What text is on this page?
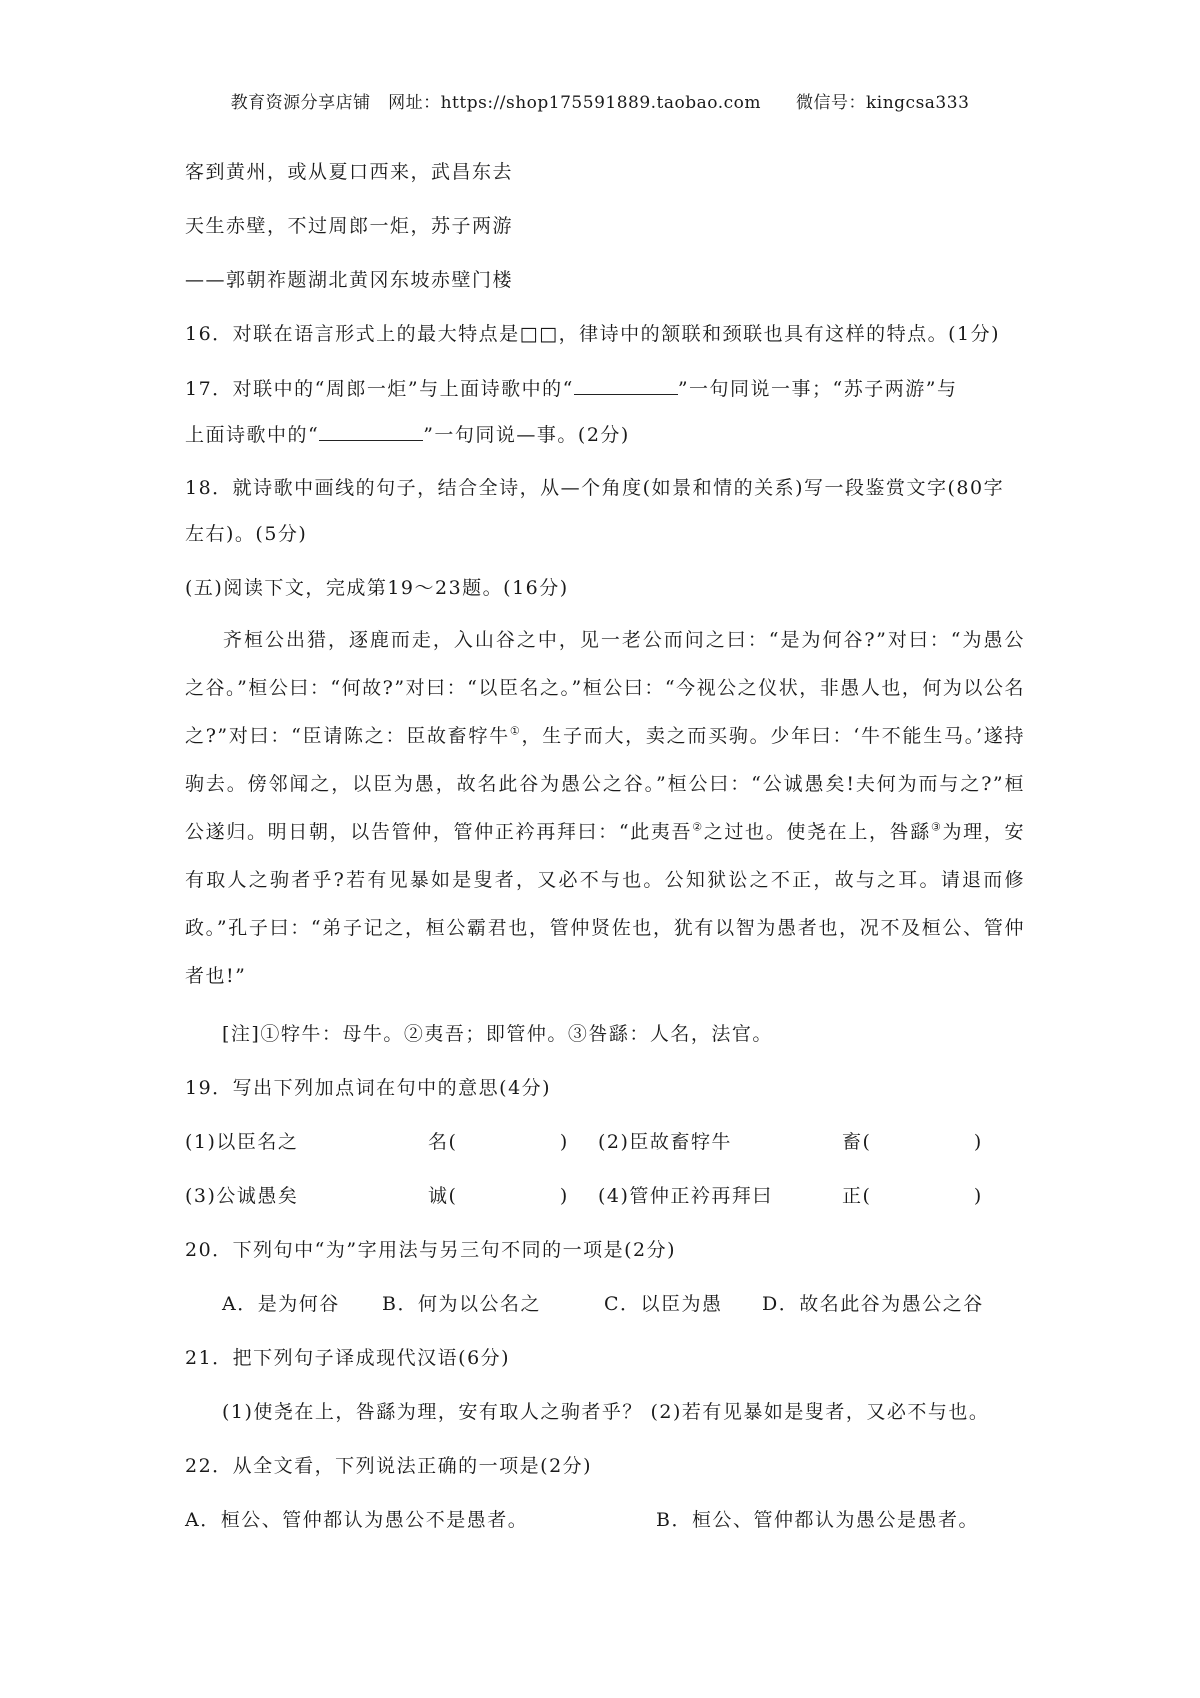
教育资源分享店铺　网址：https://shop175591889.taobao.com　　微信号：kingcsa333
客到黄州，或从夏口西来，武昌东去
天生赤壁，不过周郎一炬，苏子两游
——郭朝祚题湖北黄冈东坡赤壁门楼
16．对联在语言形式上的最大特点是□□，律诗中的颔联和颈联也具有这样的特点。(1分)
17．对联中的“周郎一炬”与上面诗歌中的“	”一句同说一事；“苏子两游”与
上面诗歌中的“	”一句同说—事。(2分)
18．就诗歌中画线的句子，结合全诗，从—个角度(如景和情的关系)写一段鉴赏文字(80字
左右)。(5分)
(五)阅读下文，完成第19～23题。(16分)
齐桓公出猎，逐鹿而走，入山谷之中，见一老公而问之曰：“是为何谷?”对曰：“为愚公之谷。”桓公曰：“何故?”对曰：“以臣名之。”桓公曰：“今视公之仪状，非愚人也，何为以公名之?”对曰：“臣请陈之：臣故畜牸牛①，生子而大，卖之而买驹。少年曰：‘牛不能生马。’遂持驹去。傍邻闻之，以臣为愚，故名此谷为愚公之谷。”桓公曰：“公诚愚矣!夫何为而与之?”桓公遂归。明日朝，以告管仲，管仲正衿再拜曰：“此夷吾②之过也。使尧在上，咎繇③为理，安有取人之驹者乎?若有见暴如是叟者，又必不与也。公知狱讼之不正，故与之耳。请退而修政。”孔子曰：“弟子记之，桓公霸君也，管仲贤佐也，犹有以智为愚者也，况不及桓公、管仲者也!”
[注]①牸牛：母牛。②夷吾；即管仲。③咎繇：人名，法官。
19．写出下列加点词在句中的意思(4分)
(1)以臣名之	名(　　　　　) (2)臣故畜牸牛	畜(　　　　　)
(3)公诚愚矣	诚(　　　　　) (4)管仲正衿再拜曰	正(　　　　　)
20．下列句中“为”字用法与另三句不同的一项是(2分)
A．是为何谷 B．何为以公名之	C．以臣为愚 D．故名此谷为愚公之谷
21．把下列句子译成现代汉语(6分)
(1)使尧在上，咎繇为理，安有取人之驹者乎？ (2)若有见暴如是叟者，又必不与也。
22．从全文看，下列说法正确的一项是(2分)
A．桓公、管仲都认为愚公不是愚者。	B．桓公、管仲都认为愚公是愚者。
